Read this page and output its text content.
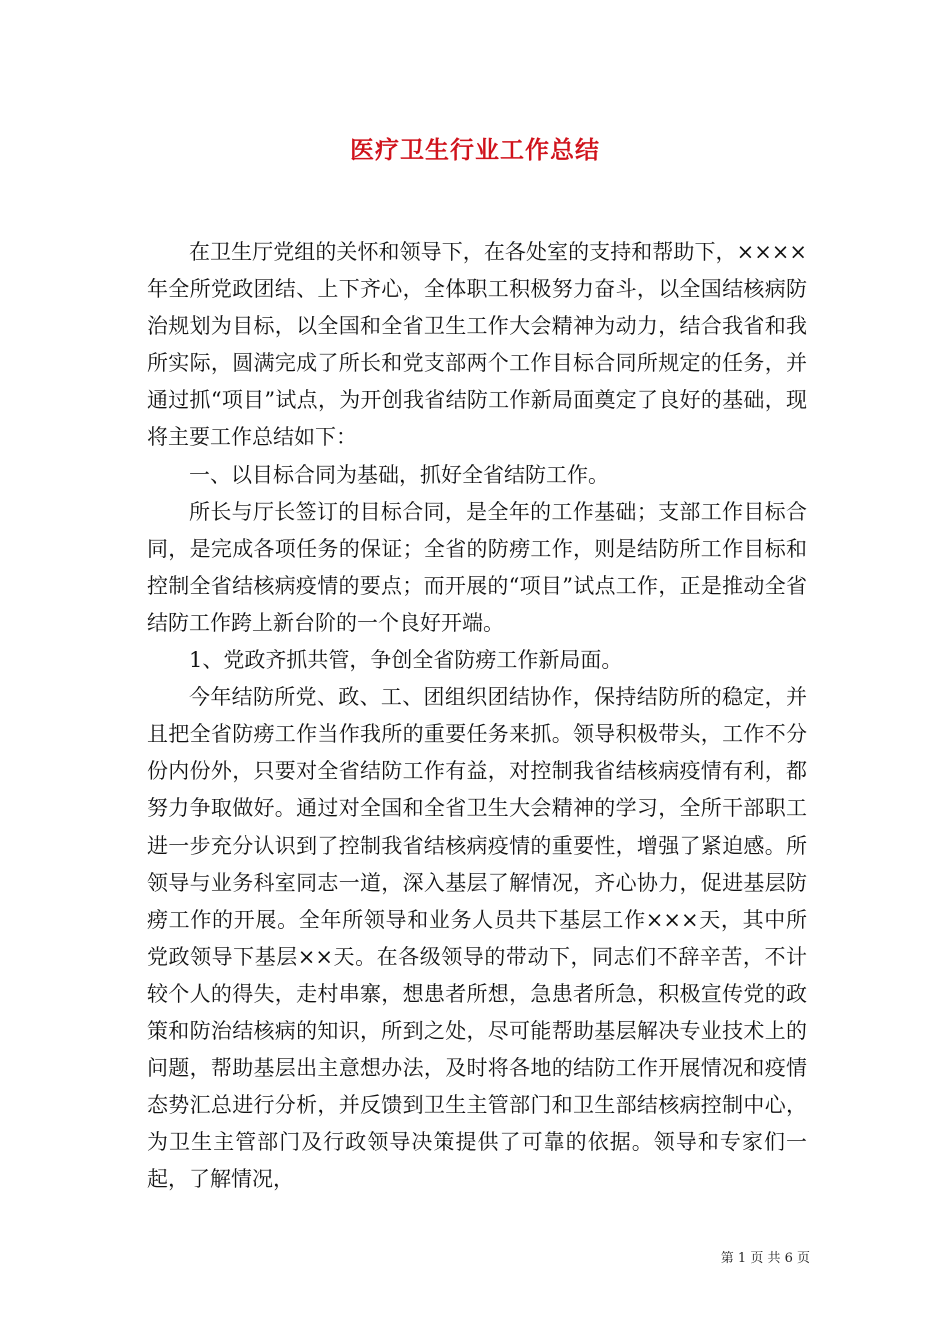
医疗卫生行业工作总结

在卫生厅党组的关怀和领导下，在各处室的支持和帮助下，××××年全所党政团结、上下齐心，全体职工积极努力奋斗，以全国结核病防治规划为目标，以全国和全省卫生工作大会精神为动力，结合我省和我所实际，圆满完成了所长和党支部两个工作目标合同所规定的任务，并通过抓“项目”试点，为开创我省结防工作新局面奠定了良好的基础，现将主要工作总结如下：

一、以目标合同为基础，抓好全省结防工作。

所长与厅长签订的目标合同，是全年的工作基础；支部工作目标合同，是完成各项任务的保证；全省的防痨工作，则是结防所工作目标和控制全省结核病疫情的要点；而开展的“项目”试点工作，正是推动全省结防工作跨上新台阶的一个良好开端。

1、党政齐抓共管，争创全省防痨工作新局面。

今年结防所党、政、工、团组织团结协作，保持结防所的稳定，并且把全省防痨工作当作我所的重要任务来抓。领导积极带头，工作不分份内份外，只要对全省结防工作有益，对控制我省结核病疫情有利，都努力争取做好。通过对全国和全省卫生大会精神的学习，全所干部职工进一步充分认识到了控制我省结核病疫情的重要性，增强了紧迫感。所领导与业务科室同志一道，深入基层了解情况，齐心协力，促进基层防痨工作的开展。全年所领导和业务人员共下基层工作×××天，其中所党政领导下基层××天。在各级领导的带动下，同志们不辞辛苦，不计较个人的得失，走村串寨，想患者所想，急患者所急，积极宣传党的政策和防治结核病的知识，所到之处，尽可能帮助基层解决专业技术上的问题，帮助基层出主意想办法，及时将各地的结防工作开展情况和疫情态势汇总进行分析，并反馈到卫生主管部门和卫生部结核病控制中心，为卫生主管部门及行政领导决策提供了可靠的依据。领导和专家们一起，了解情况，

第 1 页 共 6 页
